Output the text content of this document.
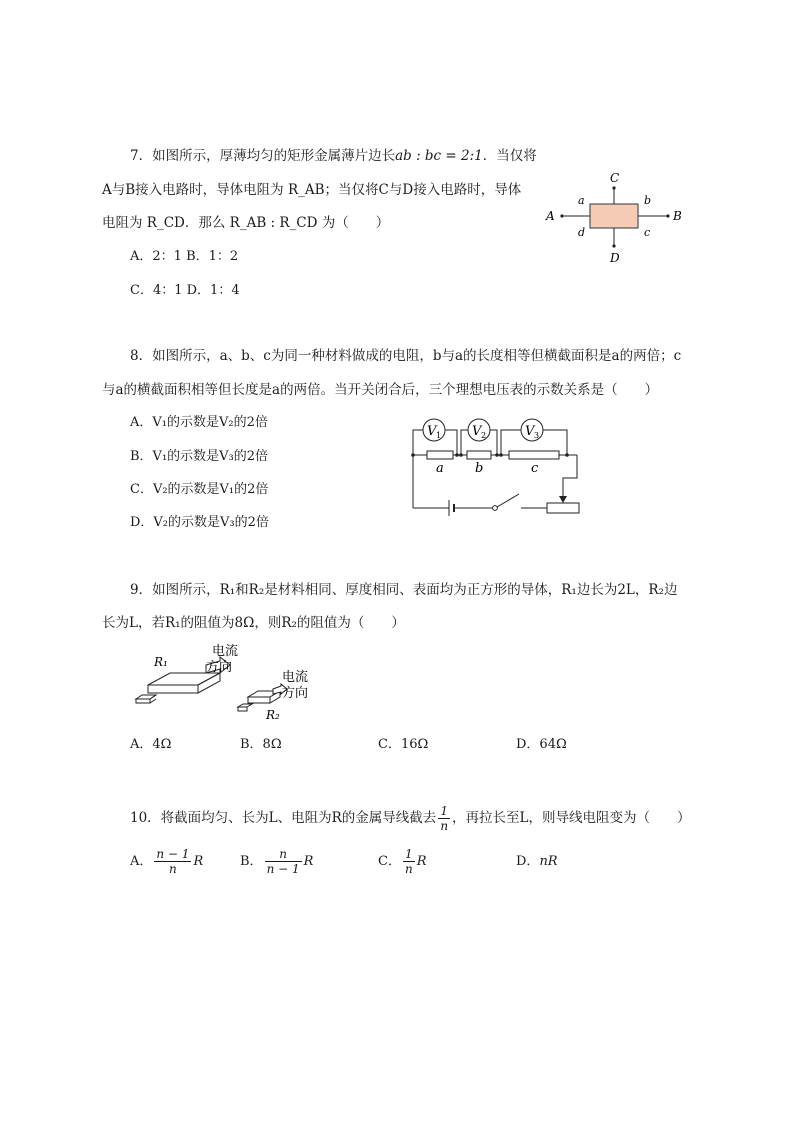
7．如图所示，厚薄均匀的矩形金属薄片边长ab : bc = 2:1．当仅将
A与B接入电路时，导体电阻为 R_AB；当仅将C与D接入电路时，导体
电阻为 R_CD．那么 R_AB : R_CD 为（　　）
A．2：1 B．1：2
C．4：1 D．1：4
C
D
A	B
a	b
c
d
8．如图所示，a、b、c为同一种材料做成的电阻，b与a的长度相等但横截面积是a的两倍；c
与a的横截面积相等但长度是a的两倍。当开关闭合后，三个理想电压表的示数关系是（　　）
A．V₁的示数是V₂的2倍
B．V₁的示数是V₃的2倍
C．V₂的示数是V₁的2倍
D．V₂的示数是V₃的2倍
V 1 V 2	V 3
a b	c
9．如图所示，R₁和R₂是材料相同、厚度相同、表面均为正方形的导体，R₁边长为2L，R₂边
长为L，若R₁的阻值为8Ω，则R₂的阻值为（　　）
R₁
电流
方向
R₂
电流
方向
A．4Ω	B．8Ω	C．16Ω	D．64Ω
10．将截面均匀、长为L、电阻为R的金属导线截去 $\frac{1}{n}$ ，再拉长至L，则导线电阻变为（　　）
A． $\frac{n - 1}{n}$ R	B． $\frac{n}{n - 1}$ R	C． $\frac{1}{n}$ R	D．nR
